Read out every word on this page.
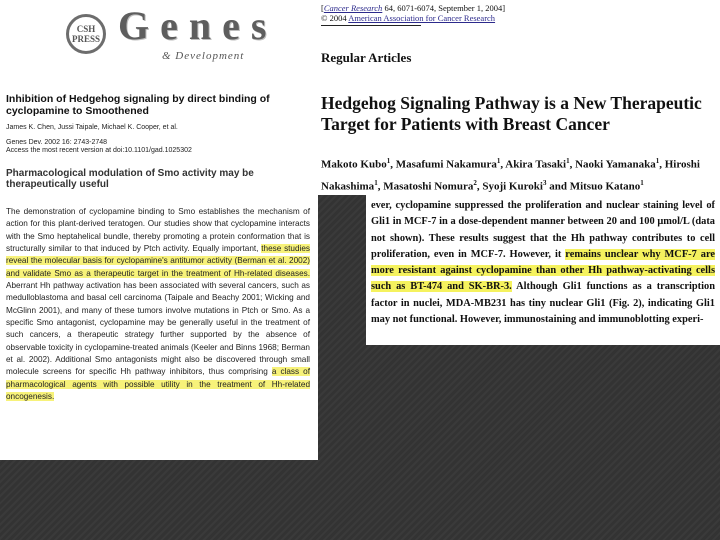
CSH PRESS Genes
& Development
Inhibition of Hedgehog signaling by direct binding of cyclopamine to Smoothened
James K. Chen, Jussi Taipale, Michael K. Cooper, et al.
Genes Dev. 2002 16: 2743-2748
Access the most recent version at doi:10.1101/gad.1025302
Pharmacological modulation of Smo activity may be therapeutically useful

The demonstration of cyclopamine binding to Smo establishes the mechanism of action for this plant-derived teratogen. Our studies show that cyclopamine interacts with the Smo heptahelical bundle, thereby promoting a protein conformation that is structurally similar to that induced by Ptch activity. Equally important, these studies reveal the molecular basis for cyclopamine's antitumor activity (Berman et al. 2002) and validate Smo as a therapeutic target in the treatment of Hh-related diseases. Aberrant Hh pathway activation has been associated with several cancers, such as medulloblastoma and basal cell carcinoma (Taipale and Beachy 2001; Wicking and McGlinn 2001), and many of these tumors involve mutations in Ptch or Smo. As a specific Smo antagonist, cyclopamine may be generally useful in the treatment of such cancers, a therapeutic strategy further supported by the absence of observable toxicity in cyclopamine-treated animals (Keeler and Binns 1968; Berman et al. 2002). Additional Smo antagonists might also be discovered through small molecule screens for specific Hh pathway inhibitors, thus comprising a class of pharmacological agents with possible utility in the treatment of Hh-related oncogenesis.

[Cancer Research 64, 6071-6074, September 1, 2004]
© 2004 American Association for Cancer Research
Regular Articles
Hedgehog Signaling Pathway is a New Therapeutic Target for Patients with Breast Cancer
Makoto Kubo$^1$, Masafumi Nakamura$^1$, Akira Tasaki$^1$, Naoki Yamanaka$^1$, Hiroshi Nakashima$^1$, Masatoshi Nomura$^2$, Syoji Kuroki$^3$ and Mitsuo Katano$^1$

ever, cyclopamine suppressed the proliferation and nuclear staining level of Gli1 in MCF-7 in a dose-dependent manner between 20 and 100 μmol/L (data not shown). These results suggest that the Hh pathway contributes to cell proliferation, even in MCF-7. However, it remains unclear why MCF-7 are more resistant against cyclopamine than other Hh pathway-activating cells such as BT-474 and SK-BR-3. Although Gli1 functions as a transcription factor in nuclei, MDA-MB231 has tiny nuclear Gli1 (Fig. 2), indicating Gli1 may not functional. However, immunostaining and immunoblotting experi-
